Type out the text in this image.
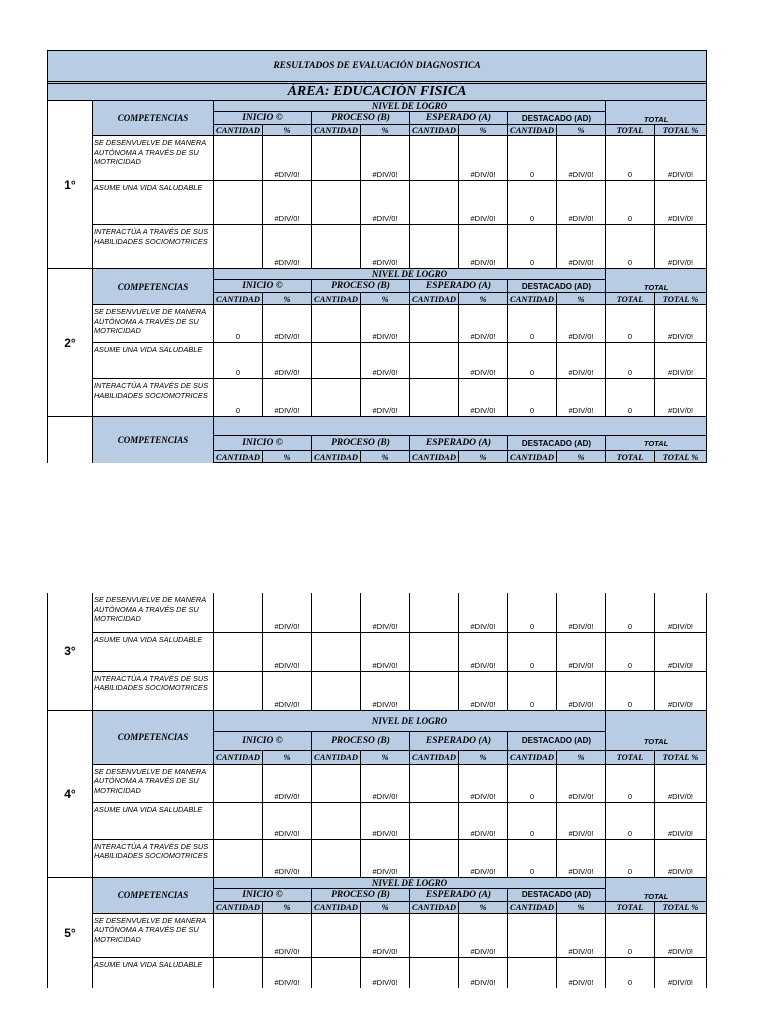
RESULTADOS DE EVALUACIÓN DIAGNOSTICA											

ÁREA: EDUCACIÓN FISICA											
1°	COMPETENCIAS	NIVEL DE LOGRO								TOTAL	
		INICIO ©		PROCESO (B)		ESPERADO (A)		DESTACADO (AD)			
		CANTIDAD	%	CANTIDAD	%	CANTIDAD	%	CANTIDAD	%	TOTAL	TOTAL %
	SE DESENVUELVE DE MANERA AUTÓNOMA A TRAVÉS DE SU MOTRICIDAD		#DIV/0!		#DIV/0!		#DIV/0!	0	#DIV/0!	0	#DIV/0!
	ASUME UNA VIDA SALUDABLE		#DIV/0!		#DIV/0!		#DIV/0!	0	#DIV/0!	0	#DIV/0!
	INTERACTÚA A TRAVÉS DE SUS HABILIDADES SOCIOMOTRICES		#DIV/0!		#DIV/0!		#DIV/0!	0	#DIV/0!	0	#DIV/0!
2°	COMPETENCIAS	NIVEL DE LOGRO								TOTAL	
		INICIO ©		PROCESO (B)		ESPERADO (A)		DESTACADO (AD)			
		CANTIDAD	%	CANTIDAD	%	CANTIDAD	%	CANTIDAD	%	TOTAL	TOTAL %
	SE DESENVUELVE DE MANERA AUTÓNOMA A TRAVÉS DE SU MOTRICIDAD	0	#DIV/0!		#DIV/0!		#DIV/0!	0	#DIV/0!	0	#DIV/0!
	ASUME UNA VIDA SALUDABLE	0	#DIV/0!		#DIV/0!		#DIV/0!	0	#DIV/0!	0	#DIV/0!
	INTERACTÚA A TRAVÉS DE SUS HABILIDADES SOCIOMOTRICES	0	#DIV/0!		#DIV/0!		#DIV/0!	0	#DIV/0!	0	#DIV/0!
	COMPETENCIAS										
		INICIO ©		PROCESO (B)		ESPERADO (A)		DESTACADO (AD)		TOTAL	
		CANTIDAD	%	CANTIDAD	%	CANTIDAD	%	CANTIDAD	%	TOTAL	TOTAL %
3°	SE DESENVUELVE DE MANERA AUTÓNOMA A TRAVÉS DE SU MOTRICIDAD		#DIV/0!		#DIV/0!		#DIV/0!	0	#DIV/0!	0	#DIV/0!
	ASUME UNA VIDA SALUDABLE		#DIV/0!		#DIV/0!		#DIV/0!	0	#DIV/0!	0	#DIV/0!
	INTERACTÚA A TRAVÉS DE SUS HABILIDADES SOCIOMOTRICES		#DIV/0!		#DIV/0!		#DIV/0!	0	#DIV/0!	0	#DIV/0!
4°	COMPETENCIAS	NIVEL DE LOGRO								TOTAL	
		INICIO ©		PROCESO (B)		ESPERADO (A)		DESTACADO (AD)			
		CANTIDAD	%	CANTIDAD	%	CANTIDAD	%	CANTIDAD	%	TOTAL	TOTAL %
	SE DESENVUELVE DE MANERA AUTÓNOMA A TRAVÉS DE SU MOTRICIDAD		#DIV/0!		#DIV/0!		#DIV/0!	0	#DIV/0!	0	#DIV/0!
	ASUME UNA VIDA SALUDABLE		#DIV/0!		#DIV/0!		#DIV/0!	0	#DIV/0!	0	#DIV/0!
	INTERACTÚA A TRAVÉS DE SUS HABILIDADES SOCIOMOTRICES		#DIV/0!		#DIV/0!		#DIV/0!	0	#DIV/0!	0	#DIV/0!
5°	COMPETENCIAS	NIVEL DE LOGRO								TOTAL	
		INICIO ©		PROCESO (B)		ESPERADO (A)		DESTACADO (AD)			
		CANTIDAD	%	CANTIDAD	%	CANTIDAD	%	CANTIDAD	%	TOTAL	TOTAL %
	SE DESENVUELVE DE MANERA AUTÓNOMA A TRAVÉS DE SU MOTRICIDAD		#DIV/0!		#DIV/0!		#DIV/0!		#DIV/0!	0	#DIV/0!
	ASUME UNA VIDA SALUDABLE		#DIV/0!		#DIV/0!		#DIV/0!		#DIV/0!	0	#DIV/0!
